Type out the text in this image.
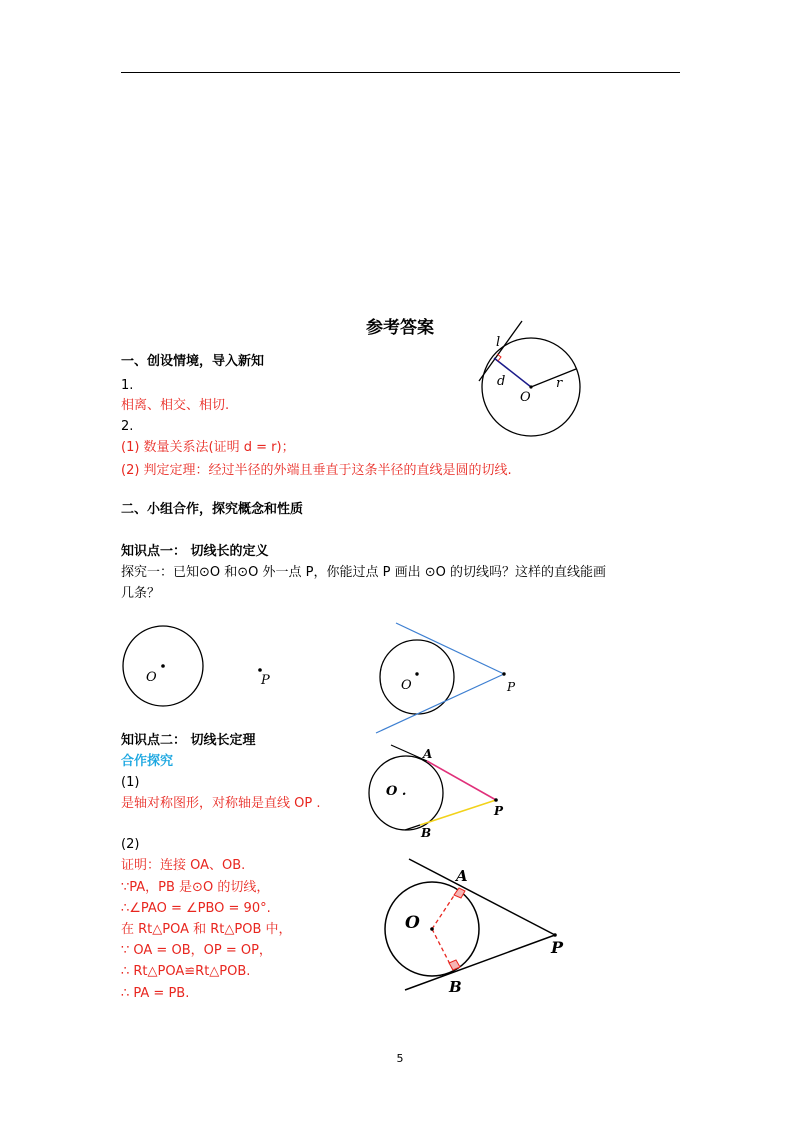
参考答案
一、创设情境，导入新知
1.
相离、相交、相切.
2.
(1) 数量关系法(证明 d = r)；
(2) 判定定理：经过半径的外端且垂直于这条半径的直线是圆的切线.
l
d
O
r
二、小组合作，探究概念和性质
知识点一： 切线长的定义
探究一：已知⊙O 和⊙O 外一点 P，你能过点 P 画出 ⊙O 的切线吗？这样的直线能画
几条？
O	P	O	P
知识点二： 切线长定理
合作探究
(1)
是轴对称图形，对称轴是直线 OP .
(2)
证明：连接 OA、OB.
∵PA，PB 是⊙O 的切线，
∴∠PAO = ∠PBO = 90°.
在 Rt△POA 和 Rt△POB 中，
∵ OA = OB，OP = OP，
∴ Rt△POA≌Rt△POB.
∴ PA = PB.
A
B
O .
P
A
B
O
P
5
